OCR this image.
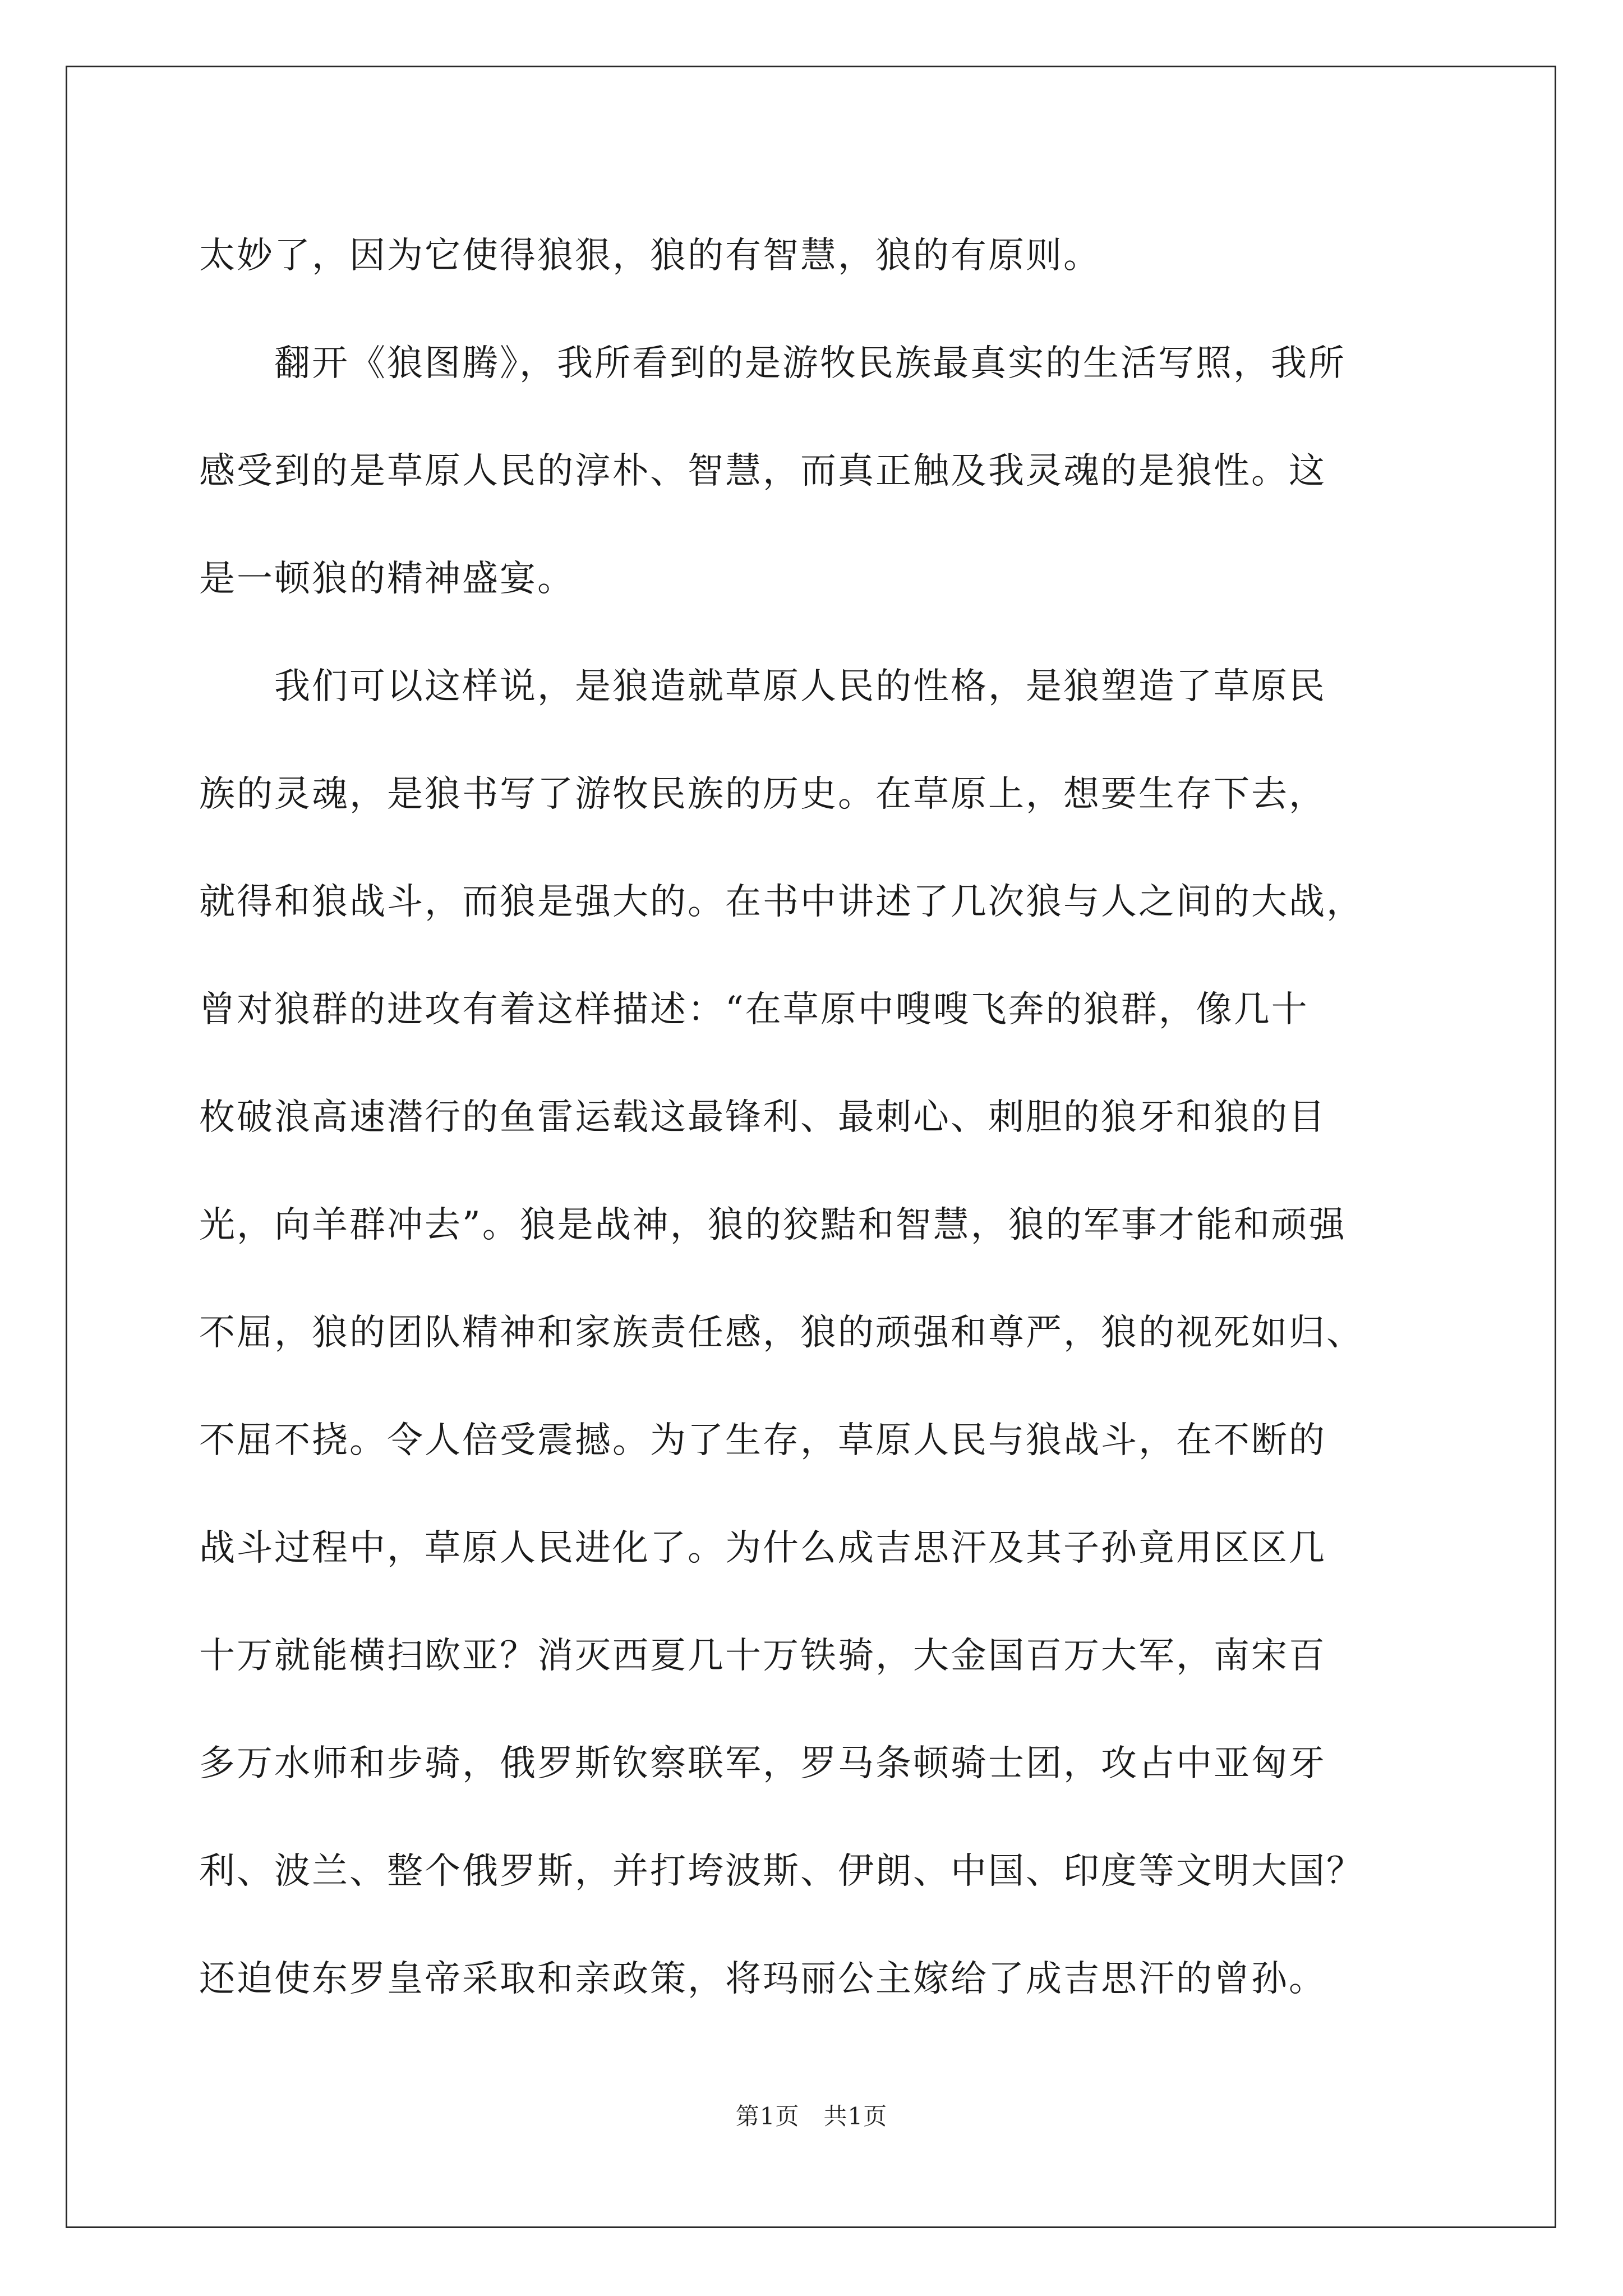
太妙了，因为它使得狼狠，狼的有智慧，狼的有原则。
　　翻开《狼图腾》，我所看到的是游牧民族最真实的生活写照，我所
感受到的是草原人民的淳朴、智慧，而真正触及我灵魂的是狼性。这
是一顿狼的精神盛宴。
　　我们可以这样说，是狼造就草原人民的性格，是狼塑造了草原民
族的灵魂，是狼书写了游牧民族的历史。在草原上，想要生存下去，
就得和狼战斗，而狼是强大的。在书中讲述了几次狼与人之间的大战，
曾对狼群的进攻有着这样描述：“在草原中嗖嗖飞奔的狼群，像几十
枚破浪高速潜行的鱼雷运载这最锋利、最刺心、刺胆的狼牙和狼的目
光，向羊群冲去”。狼是战神，狼的狡黠和智慧，狼的军事才能和顽强
不屈，狼的团队精神和家族责任感，狼的顽强和尊严，狼的视死如归、
不屈不挠。令人倍受震撼。为了生存，草原人民与狼战斗，在不断的
战斗过程中，草原人民进化了。为什么成吉思汗及其子孙竟用区区几
十万就能横扫欧亚？消灭西夏几十万铁骑，大金国百万大军，南宋百
多万水师和步骑，俄罗斯钦察联军，罗马条顿骑士团，攻占中亚匈牙
利、波兰、整个俄罗斯，并打垮波斯、伊朗、中国、印度等文明大国？
还迫使东罗皇帝采取和亲政策，将玛丽公主嫁给了成吉思汗的曾孙。
第1页　共1页
